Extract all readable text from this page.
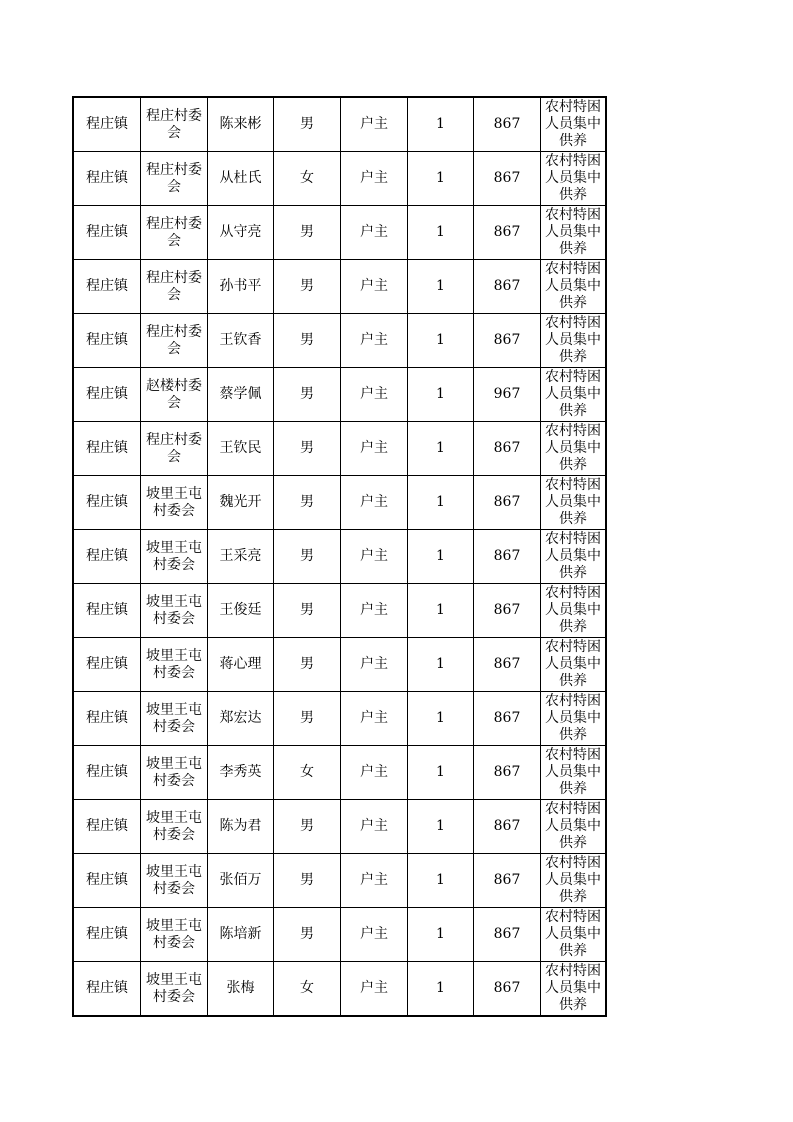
程庄镇	程庄村委会	陈来彬	男	户主	1	867	农村特困人员集中供养
程庄镇	程庄村委会	从杜氏	女	户主	1	867	农村特困人员集中供养
程庄镇	程庄村委会	从守亮	男	户主	1	867	农村特困人员集中供养
程庄镇	程庄村委会	孙书平	男	户主	1	867	农村特困人员集中供养
程庄镇	程庄村委会	王钦香	男	户主	1	867	农村特困人员集中供养
程庄镇	赵楼村委会	蔡学佩	男	户主	1	967	农村特困人员集中供养
程庄镇	程庄村委会	王钦民	男	户主	1	867	农村特困人员集中供养
程庄镇	坡里王屯村委会	魏光开	男	户主	1	867	农村特困人员集中供养
程庄镇	坡里王屯村委会	王采亮	男	户主	1	867	农村特困人员集中供养
程庄镇	坡里王屯村委会	王俊廷	男	户主	1	867	农村特困人员集中供养
程庄镇	坡里王屯村委会	蒋心理	男	户主	1	867	农村特困人员集中供养
程庄镇	坡里王屯村委会	郑宏达	男	户主	1	867	农村特困人员集中供养
程庄镇	坡里王屯村委会	李秀英	女	户主	1	867	农村特困人员集中供养
程庄镇	坡里王屯村委会	陈为君	男	户主	1	867	农村特困人员集中供养
程庄镇	坡里王屯村委会	张佰万	男	户主	1	867	农村特困人员集中供养
程庄镇	坡里王屯村委会	陈培新	男	户主	1	867	农村特困人员集中供养
程庄镇	坡里王屯村委会	张梅	女	户主	1	867	农村特困人员集中供养
